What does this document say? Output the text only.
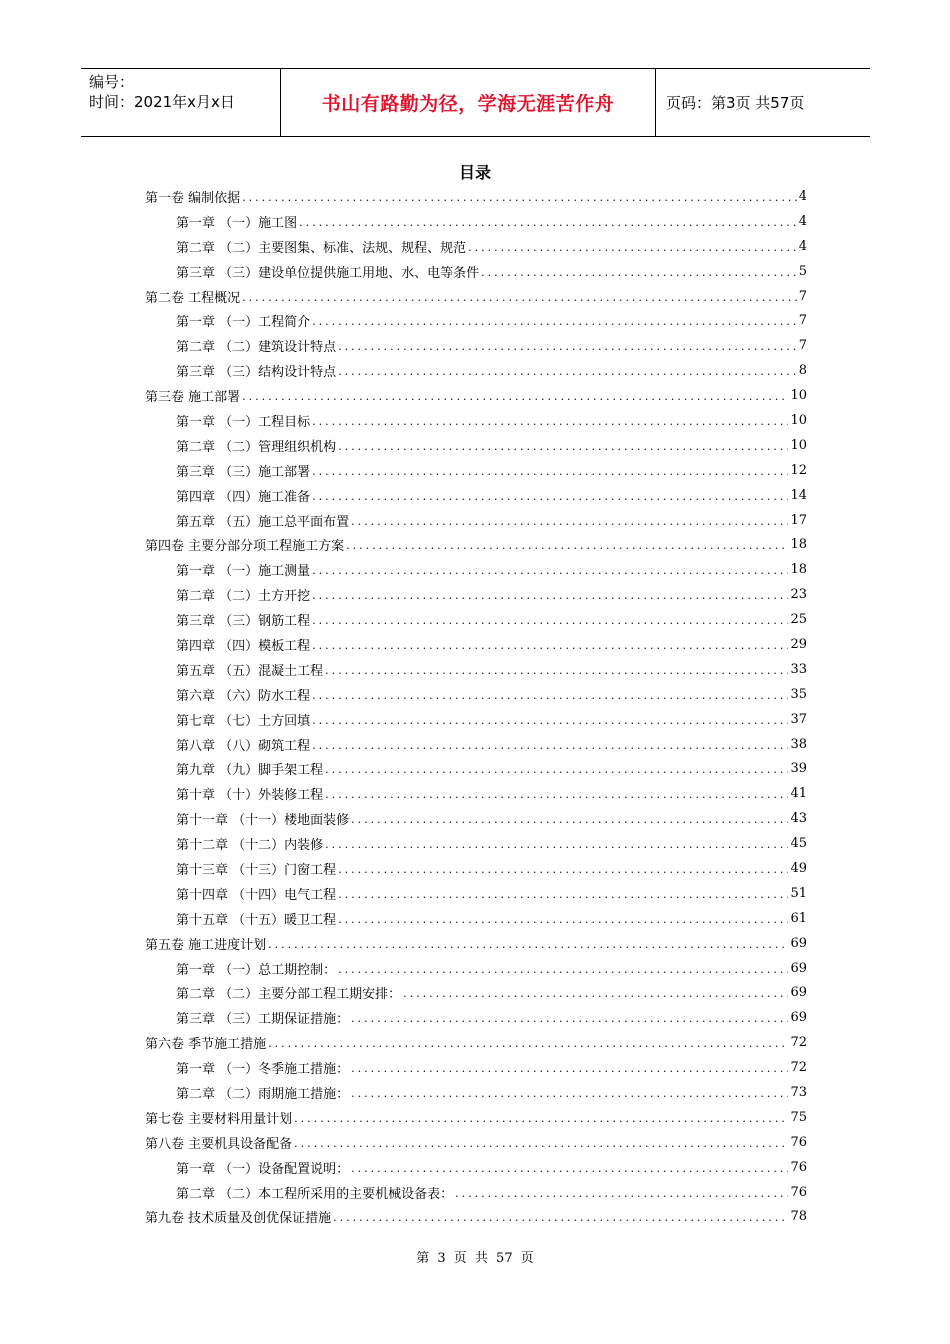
编号：
时间：2021年x月x日	书山有路勤为径，学海无涯苦作舟	页码：第3页 共57页
目录
第一卷 编制依据 .....	4
第一章 （一）施工图 .....	4
第二章 （二）主要图集、标准、法规、规程、规范 .....	4
第三章 （三）建设单位提供施工用地、水、电等条件 .....	5
第二卷 工程概况 .....	7
第一章 （一）工程简介 .....	7
第二章 （二）建筑设计特点 .....	7
第三章 （三）结构设计特点 .....	8
第三卷 施工部署 .....	10
第一章 （一）工程目标 .....	10
第二章 （二）管理组织机构 .....	10
第三章 （三）施工部署 .....	12
第四章 （四）施工准备 .....	14
第五章 （五）施工总平面布置 .....	17
第四卷 主要分部分项工程施工方案 .....	18
第一章 （一）施工测量 .....	18
第二章 （二）土方开挖 .....	23
第三章 （三）钢筋工程 .....	25
第四章 （四）模板工程 .....	29
第五章 （五）混凝土工程 .....	33
第六章 （六）防水工程 .....	35
第七章 （七）土方回填 .....	37
第八章 （八）砌筑工程 .....	38
第九章 （九）脚手架工程 .....	39
第十章 （十）外装修工程 .....	41
第十一章 （十一）楼地面装修 .....	43
第十二章 （十二）内装修 .....	45
第十三章 （十三）门窗工程 .....	49
第十四章 （十四）电气工程 .....	51
第十五章 （十五）暖卫工程 .....	61
第五卷 施工进度计划 .....	69
第一章 （一）总工期控制： .....	69
第二章 （二）主要分部工程工期安排： .....	69
第三章 （三）工期保证措施： .....	69
第六卷 季节施工措施 .....	72
第一章 （一）冬季施工措施： .....	72
第二章 （二）雨期施工措施： .....	73
第七卷 主要材料用量计划 .....	75
第八卷 主要机具设备配备 .....	76
第一章 （一）设备配置说明： .....	76
第二章 （二）本工程所采用的主要机械设备表： .....	76
第九卷 技术质量及创优保证措施 .....	78
第 3 页 共 57 页
